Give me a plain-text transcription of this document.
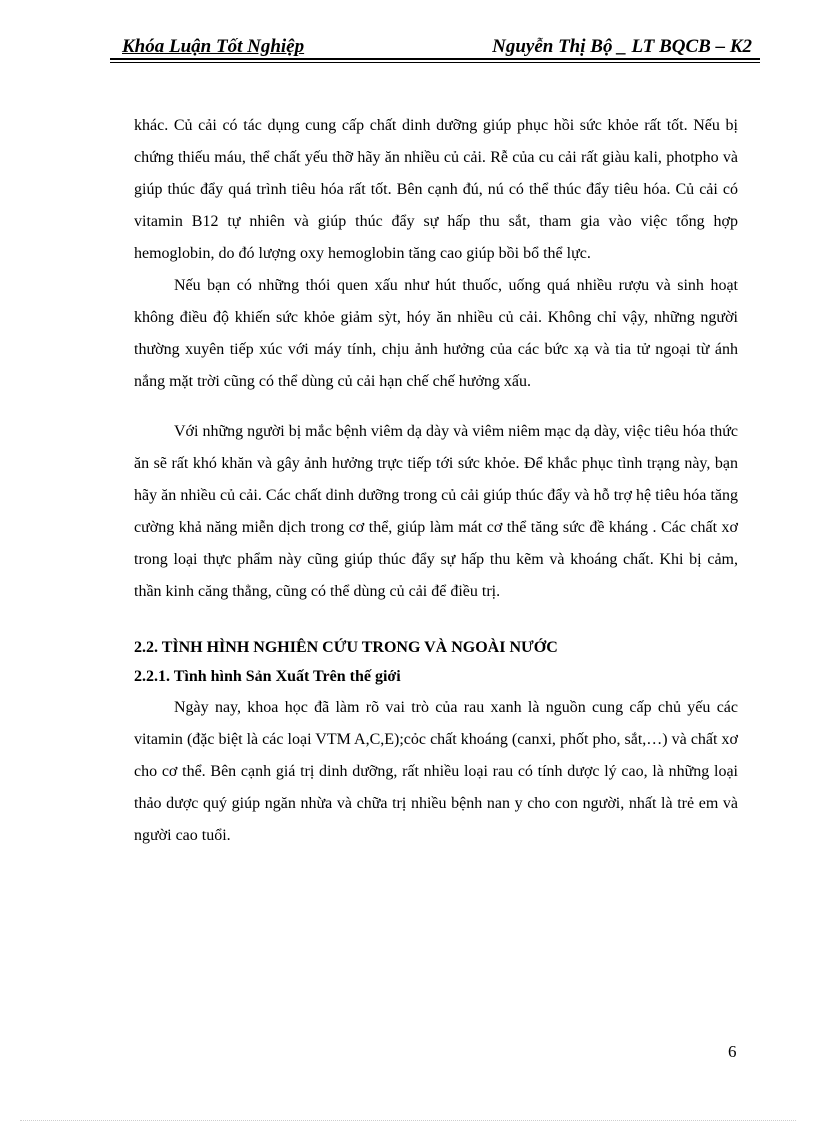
Khóa Luận Tốt Nghiệp	Nguyễn Thị Bộ _ LT BQCB – K2

khác. Củ cải có tác dụng cung cấp chất dinh dưỡng giúp phục hồi sức khỏe rất tốt. Nếu bị chứng thiếu máu, thể chất yếu thỡ hãy ăn nhiều củ cải. Rễ của cu cải rất giàu kali, photpho và giúp thúc đẩy quá trình tiêu hóa rất tốt. Bên cạnh đú, nú có thể thúc đẩy tiêu hóa. Củ cải có vitamin B12 tự nhiên và giúp thúc đẩy sự hấp thu sắt, tham gia vào việc tổng hợp hemoglobin, do đó lượng oxy hemoglobin tăng cao giúp bồi bổ thể lực.

Nếu bạn có những thói quen xấu như hút thuốc, uống quá nhiều rượu và sinh hoạt không điều độ khiến sức khỏe giảm sỳt, hóy ăn nhiều củ cải. Không chỉ vậy, những người thường xuyên tiếp xúc với máy tính, chịu ảnh hưởng của các bức xạ và tia tử ngoại từ ánh nắng mặt trời cũng có thể dùng củ cải hạn chế chế hưởng xấu.

Với những người bị mắc bệnh viêm dạ dày và viêm niêm mạc dạ dày, việc tiêu hóa thức ăn sẽ rất khó khăn và gây ảnh hưởng trực tiếp tới sức khỏe. Để khắc phục tình trạng này, bạn hãy ăn nhiều củ cải. Các chất dinh dưỡng trong củ cải giúp thúc đẩy và hỗ trợ hệ tiêu hóa tăng cường khả năng miễn dịch trong cơ thể, giúp làm mát cơ thể tăng sức đề kháng . Các chất xơ trong loại thực phẩm này cũng giúp thúc đẩy sự hấp thu kẽm và khoáng chất. Khi bị cảm, thần kinh căng thẳng, cũng có thể dùng củ cải để điều trị.

2.2. TÌNH HÌNH NGHIÊN CỨU TRONG VÀ NGOÀI NƯỚC

2.2.1. Tình hình Sản Xuất Trên thế giới

Ngày nay, khoa học đã làm rõ vai trò của rau xanh là nguồn cung cấp chủ yếu các vitamin (đặc biệt là các loại VTM A,C,E);cỏc chất khoáng (canxi, phốt pho, sắt,…) và chất xơ cho cơ thể. Bên cạnh giá trị dinh dưỡng, rất nhiều loại rau có tính dược lý cao, là những loại thảo dược quý giúp ngăn nhừa và chữa trị nhiều bệnh nan y cho con người, nhất là trẻ em và người cao tuổi.

6
